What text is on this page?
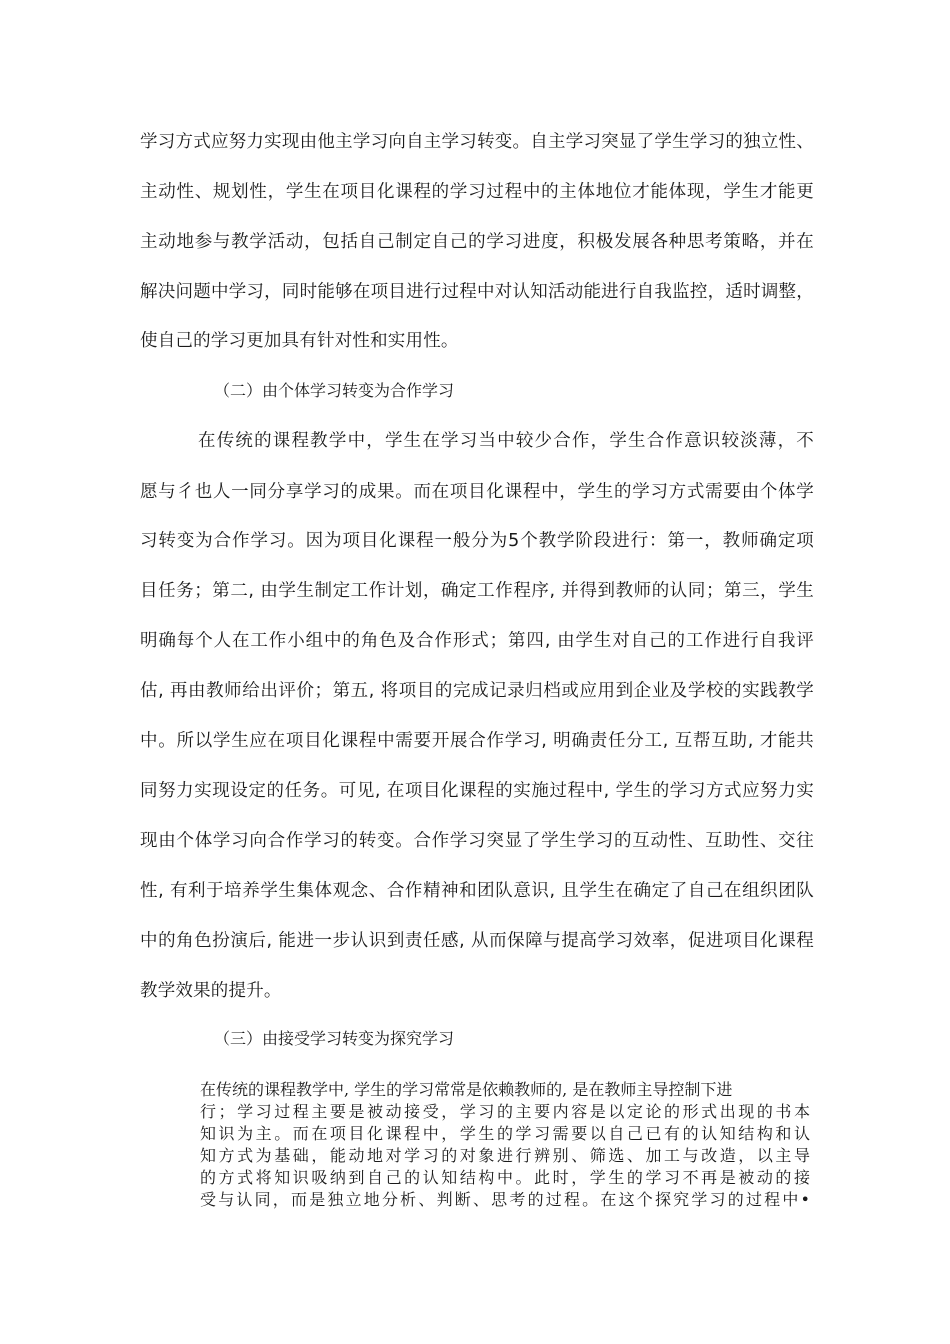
学习方式应努力实现由他主学习向自主学习转变。自主学习突显了学生学习的独立性、
主动性、规划性，学生在项目化课程的学习过程中的主体地位才能体现，学生才能更
主动地参与教学活动，包括自己制定自己的学习进度，积极发展各种思考策略，并在
解决问题中学习，同时能够在项目进行过程中对认知活动能进行自我监控，适时调整，
使自己的学习更加具有针对性和实用性。
（二）由个体学习转变为合作学习
在传统的课程教学中，学生在学习当中较少合作，学生合作意识较淡薄，不
愿与彳也人一同分享学习的成果。而在项目化课程中，学生的学习方式需要由个体学
习转变为合作学习。因为项目化课程一般分为5个教学阶段进行：第一，教师确定项
目任务；第二, 由学生制定工作计划，确定工作程序, 并得到教师的认同；第三，学生
明确每个人在工作小组中的角色及合作形式；第四, 由学生对自己的工作进行自我评
估, 再由教师给出评价；第五, 将项目的完成记录归档或应用到企业及学校的实践教学
中。所以学生应在项目化课程中需要开展合作学习, 明确责任分工, 互帮互助, 才能共
同努力实现设定的任务。可见, 在项目化课程的实施过程中, 学生的学习方式应努力实
现由个体学习向合作学习的转变。合作学习突显了学生学习的互动性、互助性、交往
性, 有利于培养学生集体观念、合作精神和团队意识, 且学生在确定了自己在组织团队
中的角色扮演后, 能进一步认识到责任感, 从而保障与提高学习效率，促进项目化课程
教学效果的提升。
（三）由接受学习转变为探究学习
在传统的课程教学中, 学生的学习常常是依赖教师的, 是在教师主导控制下进
行；学习过程主要是被动接受，学习的主要内容是以定论的形式出现的书本
知识为主。而在项目化课程中，学生的学习需要以自己已有的认知结构和认
知方式为基础，能动地对学习的对象进行辨别、筛选、加工与改造，以主导
的方式将知识吸纳到自己的认知结构中。此时，学生的学习不再是被动的接
受与认同，而是独立地分析、判断、思考的过程。在这个探究学习的过程中•
